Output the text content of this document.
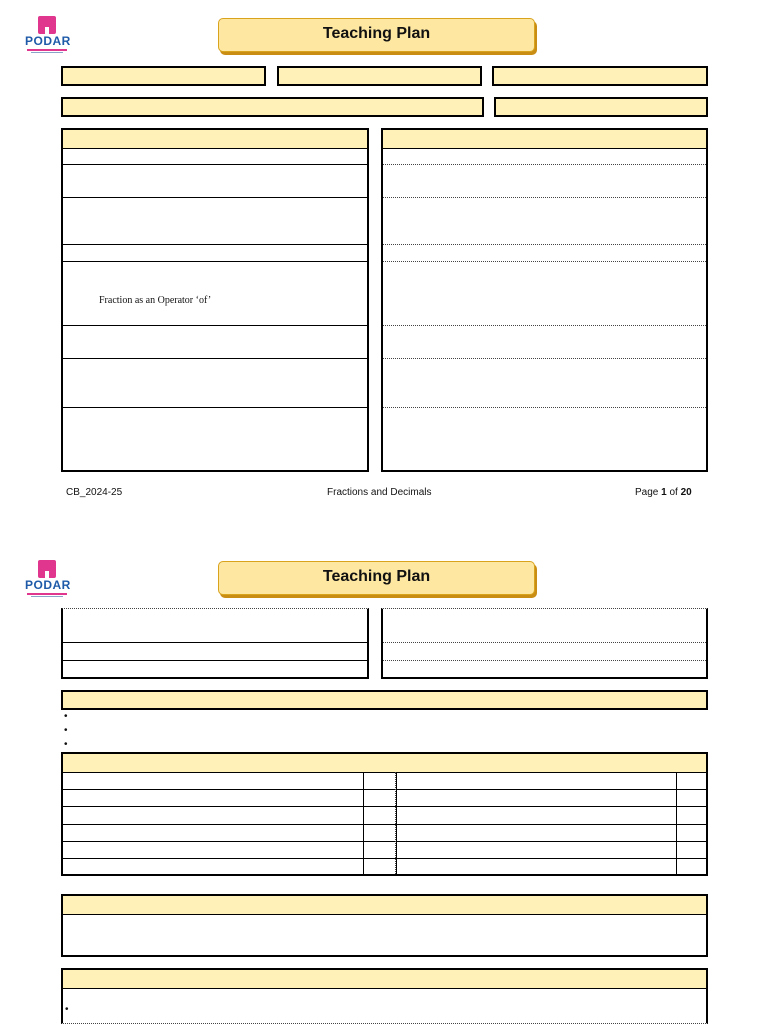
PODAR	Teaching Plan
Fraction as an Operator ‘of’
CB_2024-25	Fractions and Decimals	Page 1 of 20
PODAR	Teaching Plan
•
•
•
•
